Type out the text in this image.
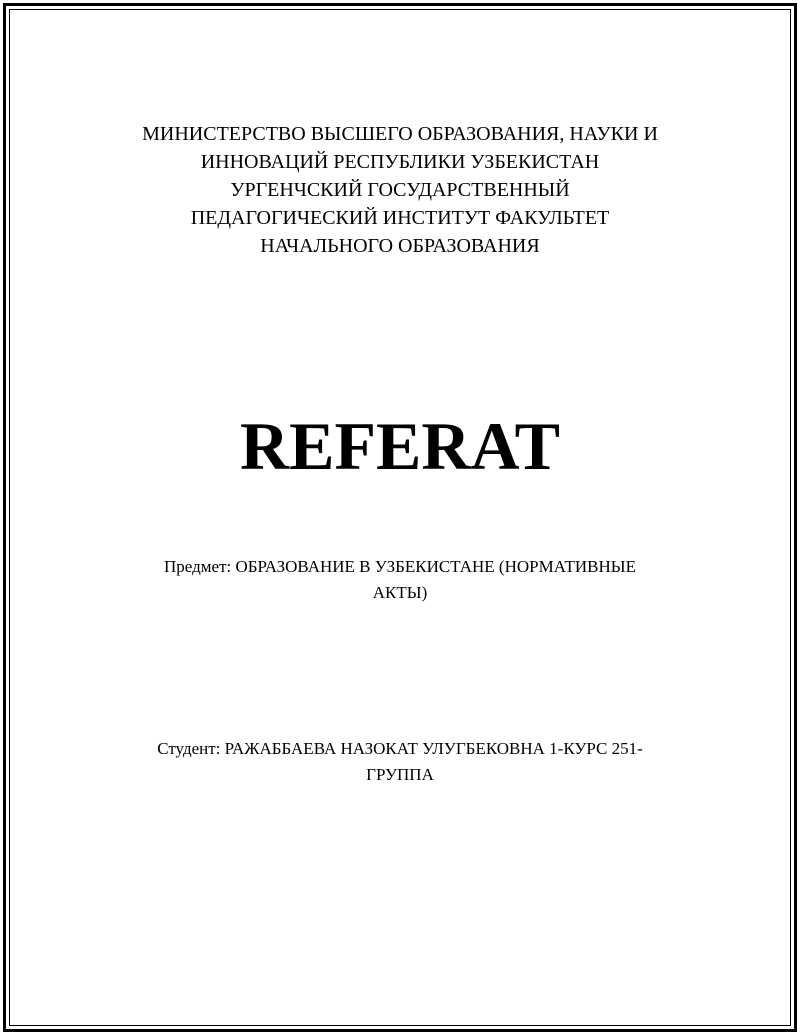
МИНИСТЕРСТВО ВЫСШЕГО ОБРАЗОВАНИЯ, НАУКИ И
ИННОВАЦИЙ РЕСПУБЛИКИ УЗБЕКИСТАН
УРГЕНЧСКИЙ ГОСУДАРСТВЕННЫЙ
ПЕДАГОГИЧЕСКИЙ ИНСТИТУТ ФАКУЛЬТЕТ
НАЧАЛЬНОГО ОБРАЗОВАНИЯ
REFERAT
Предмет: ОБРАЗОВАНИЕ В УЗБЕКИСТАНЕ (НОРМАТИВНЫЕ
АКТЫ)
Студент: РАЖАББАЕВА НАЗОКАТ УЛУГБЕКОВНА 1-КУРС 251-
ГРУППА
